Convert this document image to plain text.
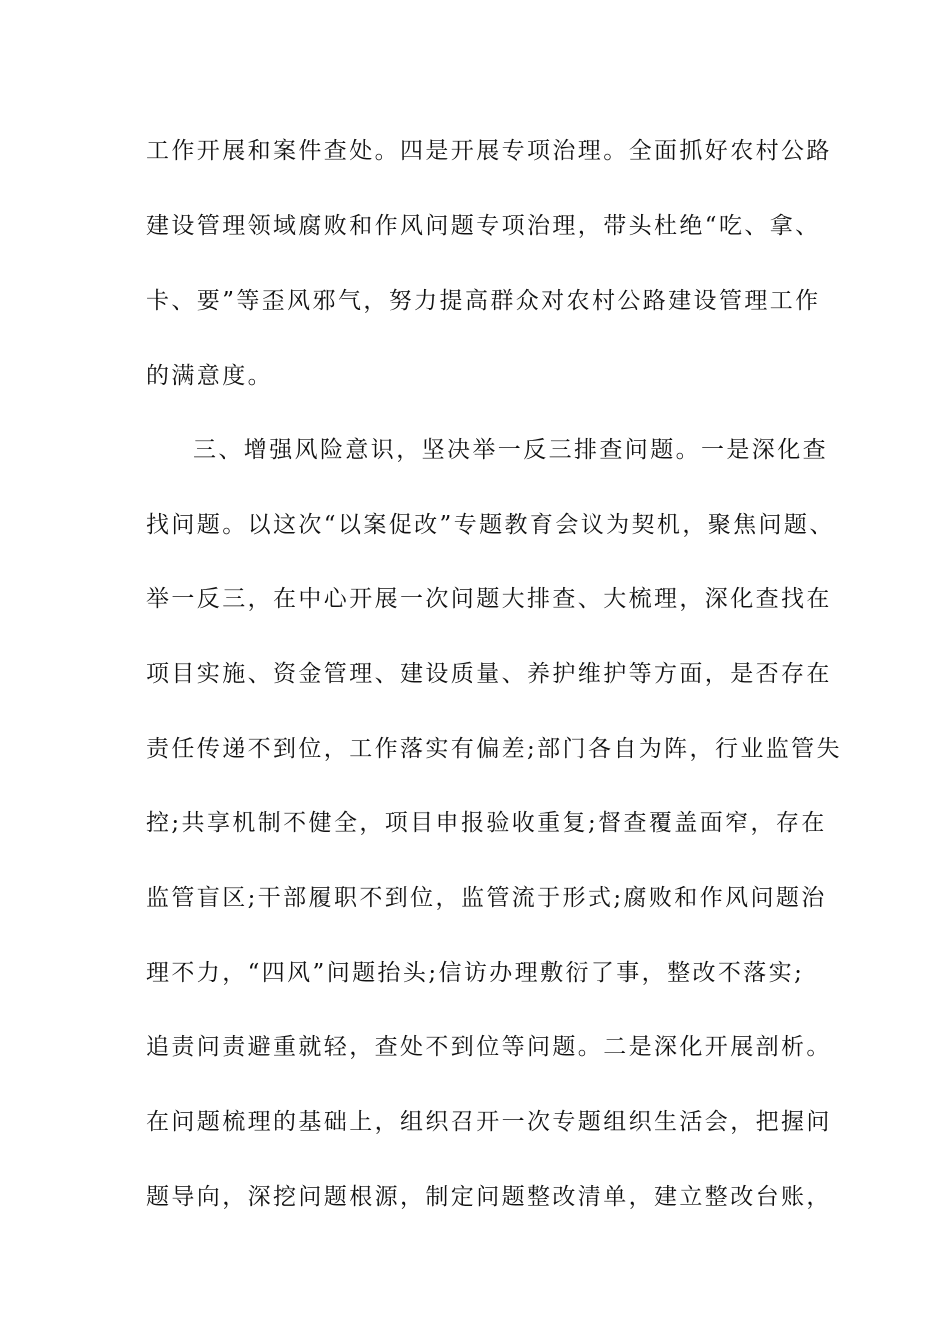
工作开展和案件查处。四是开展专项治理。全面抓好农村公路
建设管理领域腐败和作风问题专项治理，带头杜绝“吃、拿、
卡、要”等歪风邪气，努力提高群众对农村公路建设管理工作
的满意度。
三、增强风险意识，坚决举一反三排查问题。一是深化查
找问题。以这次“以案促改”专题教育会议为契机，聚焦问题、
举一反三，在中心开展一次问题大排查、大梳理，深化查找在
项目实施、资金管理、建设质量、养护维护等方面，是否存在
责任传递不到位，工作落实有偏差;部门各自为阵，行业监管失
控;共享机制不健全，项目申报验收重复;督查覆盖面窄，存在
监管盲区;干部履职不到位，监管流于形式;腐败和作风问题治
理不力，“四风”问题抬头;信访办理敷衍了事，整改不落实;
追责问责避重就轻，查处不到位等问题。二是深化开展剖析。
在问题梳理的基础上，组织召开一次专题组织生活会，把握问
题导向，深挖问题根源，制定问题整改清单，建立整改台账，
